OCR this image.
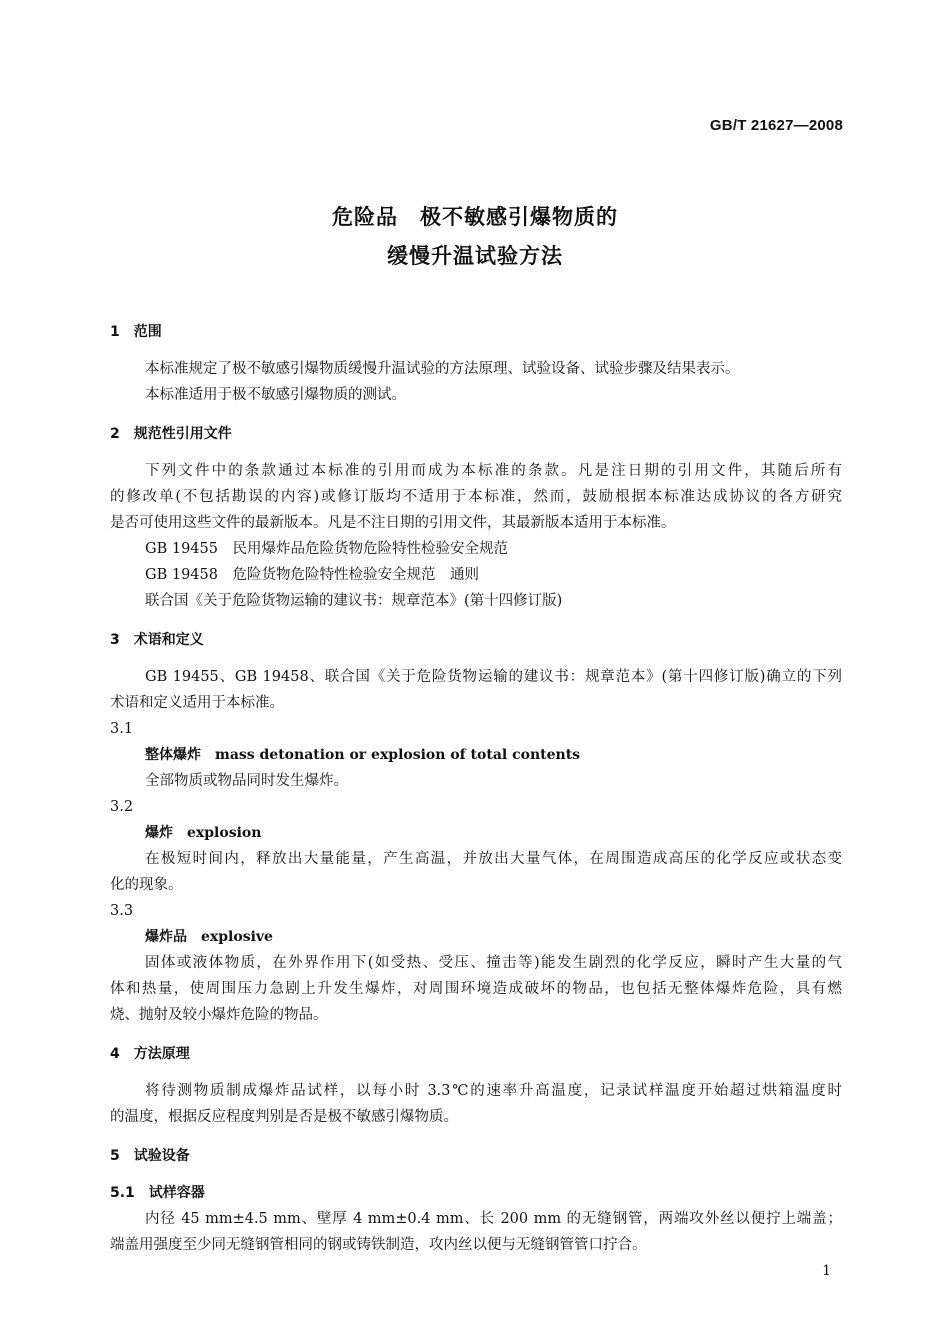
GB/T 21627—2008
危险品　极不敏感引爆物质的
缓慢升温试验方法
1　范围
本标准规定了极不敏感引爆物质缓慢升温试验的方法原理、试验设备、试验步骤及结果表示。
本标准适用于极不敏感引爆物质的测试。
2　规范性引用文件
下列文件中的条款通过本标准的引用而成为本标准的条款。凡是注日期的引用文件，其随后所有
的修改单(不包括勘误的内容)或修订版均不适用于本标准，然而，鼓励根据本标准达成协议的各方研究
是否可使用这些文件的最新版本。凡是不注日期的引用文件，其最新版本适用于本标准。
GB 19455　民用爆炸品危险货物危险特性检验安全规范
GB 19458　危险货物危险特性检验安全规范　通则
联合国《关于危险货物运输的建议书：规章范本》(第十四修订版)
3　术语和定义
GB 19455、GB 19458、联合国《关于危险货物运输的建议书：规章范本》(第十四修订版)确立的下列
术语和定义适用于本标准。
3.1
整体爆炸　mass detonation or explosion of total contents
全部物质或物品同时发生爆炸。
3.2
爆炸　explosion
在极短时间内，释放出大量能量，产生高温，并放出大量气体，在周围造成高压的化学反应或状态变
化的现象。
3.3
爆炸品　explosive
固体或液体物质，在外界作用下(如受热、受压、撞击等)能发生剧烈的化学反应，瞬时产生大量的气
体和热量，使周围压力急剧上升发生爆炸，对周围环境造成破坏的物品，也包括无整体爆炸危险，具有燃
烧、抛射及较小爆炸危险的物品。
4　方法原理
将待测物质制成爆炸品试样，以每小时 3.3℃的速率升高温度，记录试样温度开始超过烘箱温度时
的温度，根据反应程度判别是否是极不敏感引爆物质。
5　试验设备
5.1　试样容器
内径 45 mm±4.5 mm、壁厚 4 mm±0.4 mm、长 200 mm 的无缝钢管，两端攻外丝以便拧上端盖；
端盖用强度至少同无缝钢管相同的钢或铸铁制造，攻内丝以便与无缝钢管管口拧合。
1
